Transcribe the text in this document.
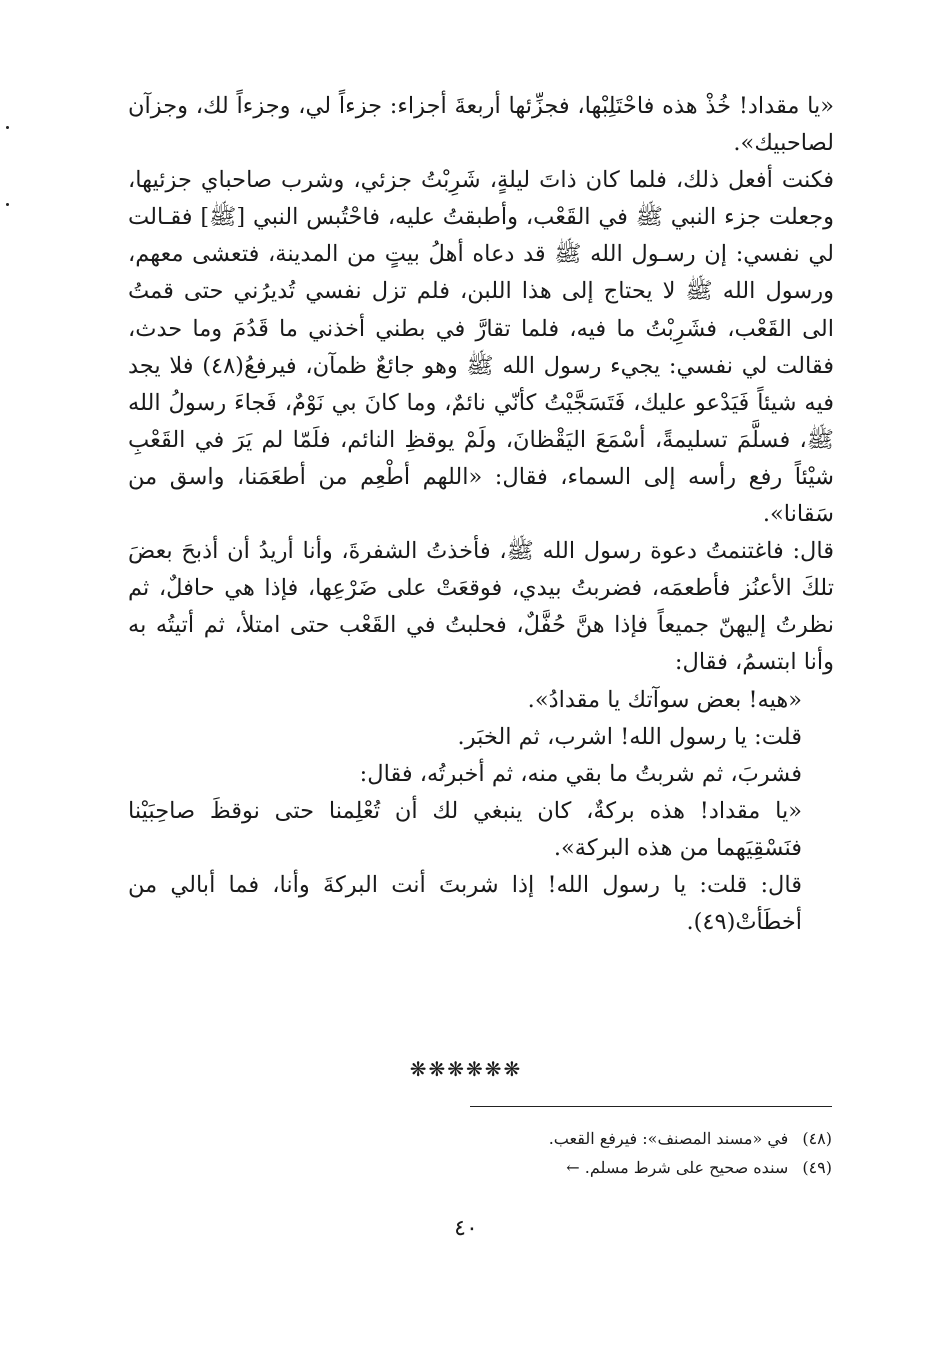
«يا مقداد! خُذْ هذه فاحْتَلِبْها، فجزِّئها أربعةَ أجزاء: جزءاً لي، وجزءاً لك، وجزآن لصاحبيك».

فكنت أفعل ذلك، فلما كان ذاتَ ليلةٍ، شَرِبْتُ جزئي، وشرب صاحباي جزئيها، وجعلت جزء النبي ﷺ في القَعْب، وأطبقتُ عليه، فاحْتُبس النبي [ﷺ] فقـالت لي نفسي: إن رسـول الله ﷺ قد دعاه أهلُ بيتٍ من المدينة، فتعشى معهم، ورسول الله ﷺ لا يحتاج إلى هذا اللبن، فلم تزل نفسي تُديرُني حتى قمتُ الى القَعْب، فشَرِبْتُ ما فيه، فلما تقارَّ في بطني أخذني ما قَدُمَ وما حدث، فقالت لي نفسي: يجيء رسول الله ﷺ وهو جائعٌ ظمآن، فيرفعُ(٤٨) فلا يجد فيه شيئاً فَيَدْعو عليك، فَتَسَجَّيْتُ كأنّي نائمٌ، وما كانَ بي نَوْمٌ، فَجاءَ رسولُ الله ﷺ، فسلَّمَ تسليمةً، أسْمَعَ اليَقْظانَ، ولَمْ يوقظِ النائم، فلَمّا لم يَرَ في القَعْبِ شيْئاً رفع رأسه إلى السماء، فقال: «اللهم أطْعِم من أطعَمَنا، واسق من سَقانا».

قال: فاغتنمتُ دعوة رسول الله ﷺ، فأخذتُ الشفرةَ، وأنا أريدُ أن أذبحَ بعضَ تلكَ الأعنُز فأطعمَه، فضربتُ بيدي، فوقعَتْ على ضَرْعِها، فإذا هي حافلٌ، ثم نظرتُ إليهنّ جميعاً فإذا هنَّ حُفَّلٌ، فحلبتُ في القَعْب حتى امتلأ، ثم أتيتُه به وأنا ابتسمُ، فقال:

«هيه! بعض سوآتك يا مقدادُ».

قلت: يا رسول الله! اشرب، ثم الخبَر.

فشربَ، ثم شربتُ ما بقي منه، ثم أخبرتُه، فقال:

«يا مقداد! هذه بركةٌ، كان ينبغي لك أن تُعْلِمنا حتى نوقظَ صاحِبَيْنا فنَسْقِيَهما من هذه البركة».

قال: قلت: يا رسول الله! إذا شربتَ أنت البركةَ وأنا، فما أبالي من أخطَأتْ(٤٩).

❋❋❋❋❋❋

(٤٨)في «مسند المصنف»: فيرفع القعب.

(٤٩)سنده صحيح على شرط مسلم. ←

٤٠
